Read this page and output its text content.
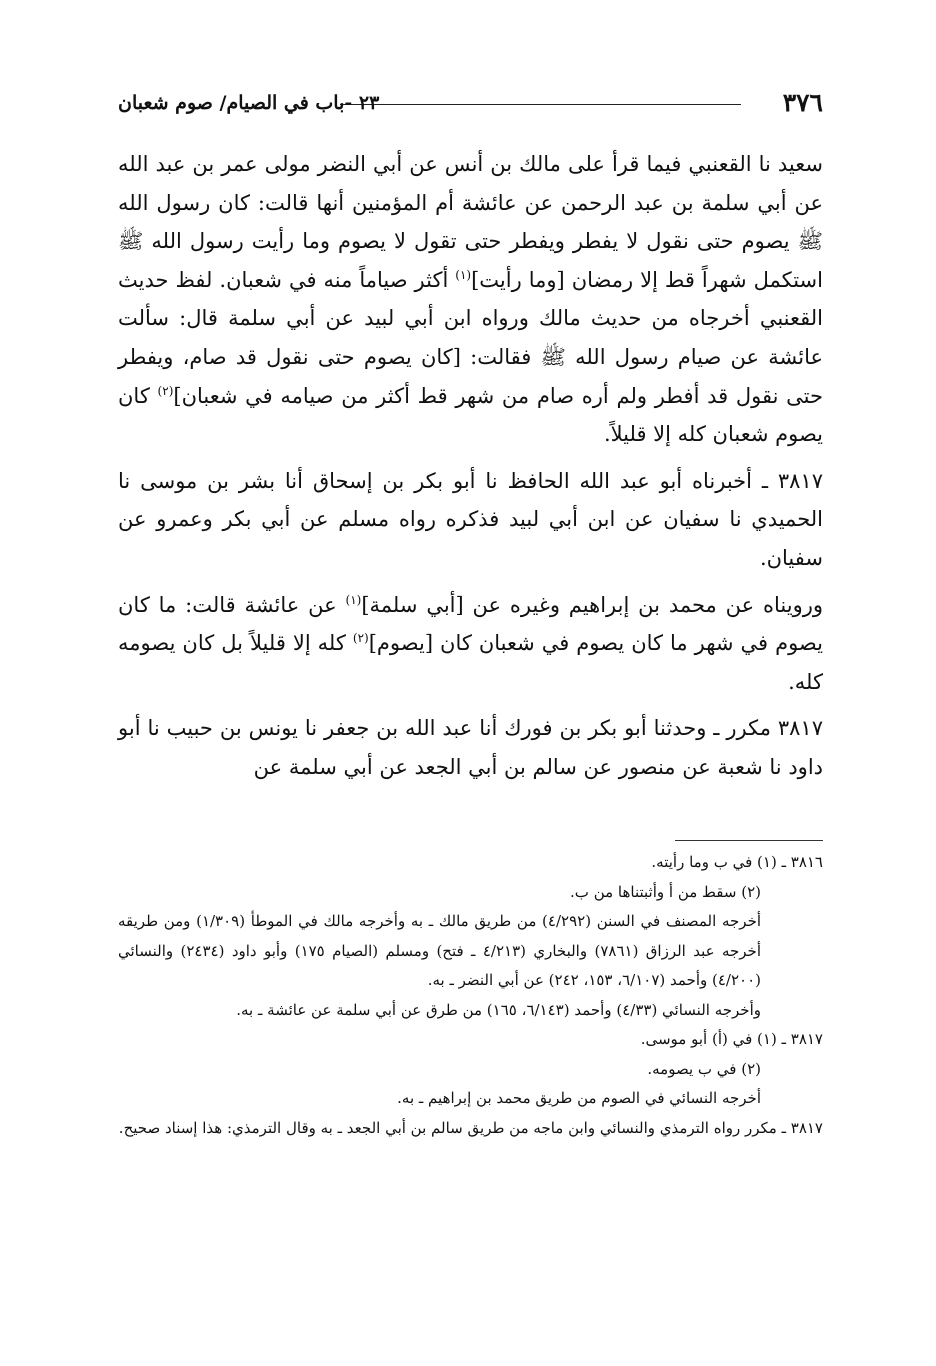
٣٧٦
٢٣ -باب في الصيام/ صوم شعبان

سعيد نا القعنبي فيما قرأ على مالك بن أنس عن أبي النضر مولى عمر بن عبد الله عن أبي سلمة بن عبد الرحمن عن عائشة أم المؤمنين أنها قالت: كان رسول الله ﷺ يصوم حتى نقول لا يفطر ويفطر حتى تقول لا يصوم وما رأيت رسول الله ﷺ استكمل شهراً قط إلا رمضان [وما رأيت]$^{(١)}$ أكثر صياماً منه في شعبان. لفظ حديث القعنبي أخرجاه من حديث مالك ورواه ابن أبي لبيد عن أبي سلمة قال: سألت عائشة عن صيام رسول الله ﷺ فقالت: [كان يصوم حتى نقول قد صام، ويفطر حتى نقول قد أفطر ولم أره صام من شهر قط أكثر من صيامه في شعبان]$^{(٢)}$ كان يصوم شعبان كله إلا قليلاً.

٣٨١٧ ـ أخبرناه أبو عبد الله الحافظ نا أبو بكر بن إسحاق أنا بشر بن موسى نا الحميدي نا سفيان عن ابن أبي لبيد فذكره رواه مسلم عن أبي بكر وعمرو عن سفيان.

ورويناه عن محمد بن إبراهيم وغيره عن [أبي سلمة]$^{(١)}$ عن عائشة قالت: ما كان يصوم في شهر ما كان يصوم في شعبان كان [يصوم]$^{(٢)}$ كله إلا قليلاً بل كان يصومه كله.

٣٨١٧ مكرر ـ وحدثنا أبو بكر بن فورك أنا عبد الله بن جعفر نا يونس بن حبيب نا أبو داود نا شعبة عن منصور عن سالم بن أبي الجعد عن أبي سلمة عن

٣٨١٦ ـ (١) في ب وما رأيته.

(٢) سقط من أ وأثبتناها من ب.

أخرجه المصنف في السنن (٤/٢٩٢) من طريق مالك ـ به وأخرجه مالك في الموطأ (١/٣٠٩) ومن طريقه أخرجه عبد الرزاق (٧٨٦١) والبخاري (٤/٢١٣ ـ فتح) ومسلم (الصيام ١٧٥) وأبو داود (٢٤٣٤) والنسائي (٤/٢٠٠) وأحمد (٦/١٠٧، ١٥٣، ٢٤٢) عن أبي النضر ـ به.

وأخرجه النسائي (٤/٣٣) وأحمد (٦/١٤٣، ١٦٥) من طرق عن أبي سلمة عن عائشة ـ به.

٣٨١٧ ـ (١) في (أ) أبو موسى.

(٢) في ب يصومه.

أخرجه النسائي في الصوم من طريق محمد بن إبراهيم ـ به.

٣٨١٧ ـ مكرر رواه الترمذي والنسائي وابن ماجه من طريق سالم بن أبي الجعد ـ به وقال الترمذي: هذا إسناد صحيح.
